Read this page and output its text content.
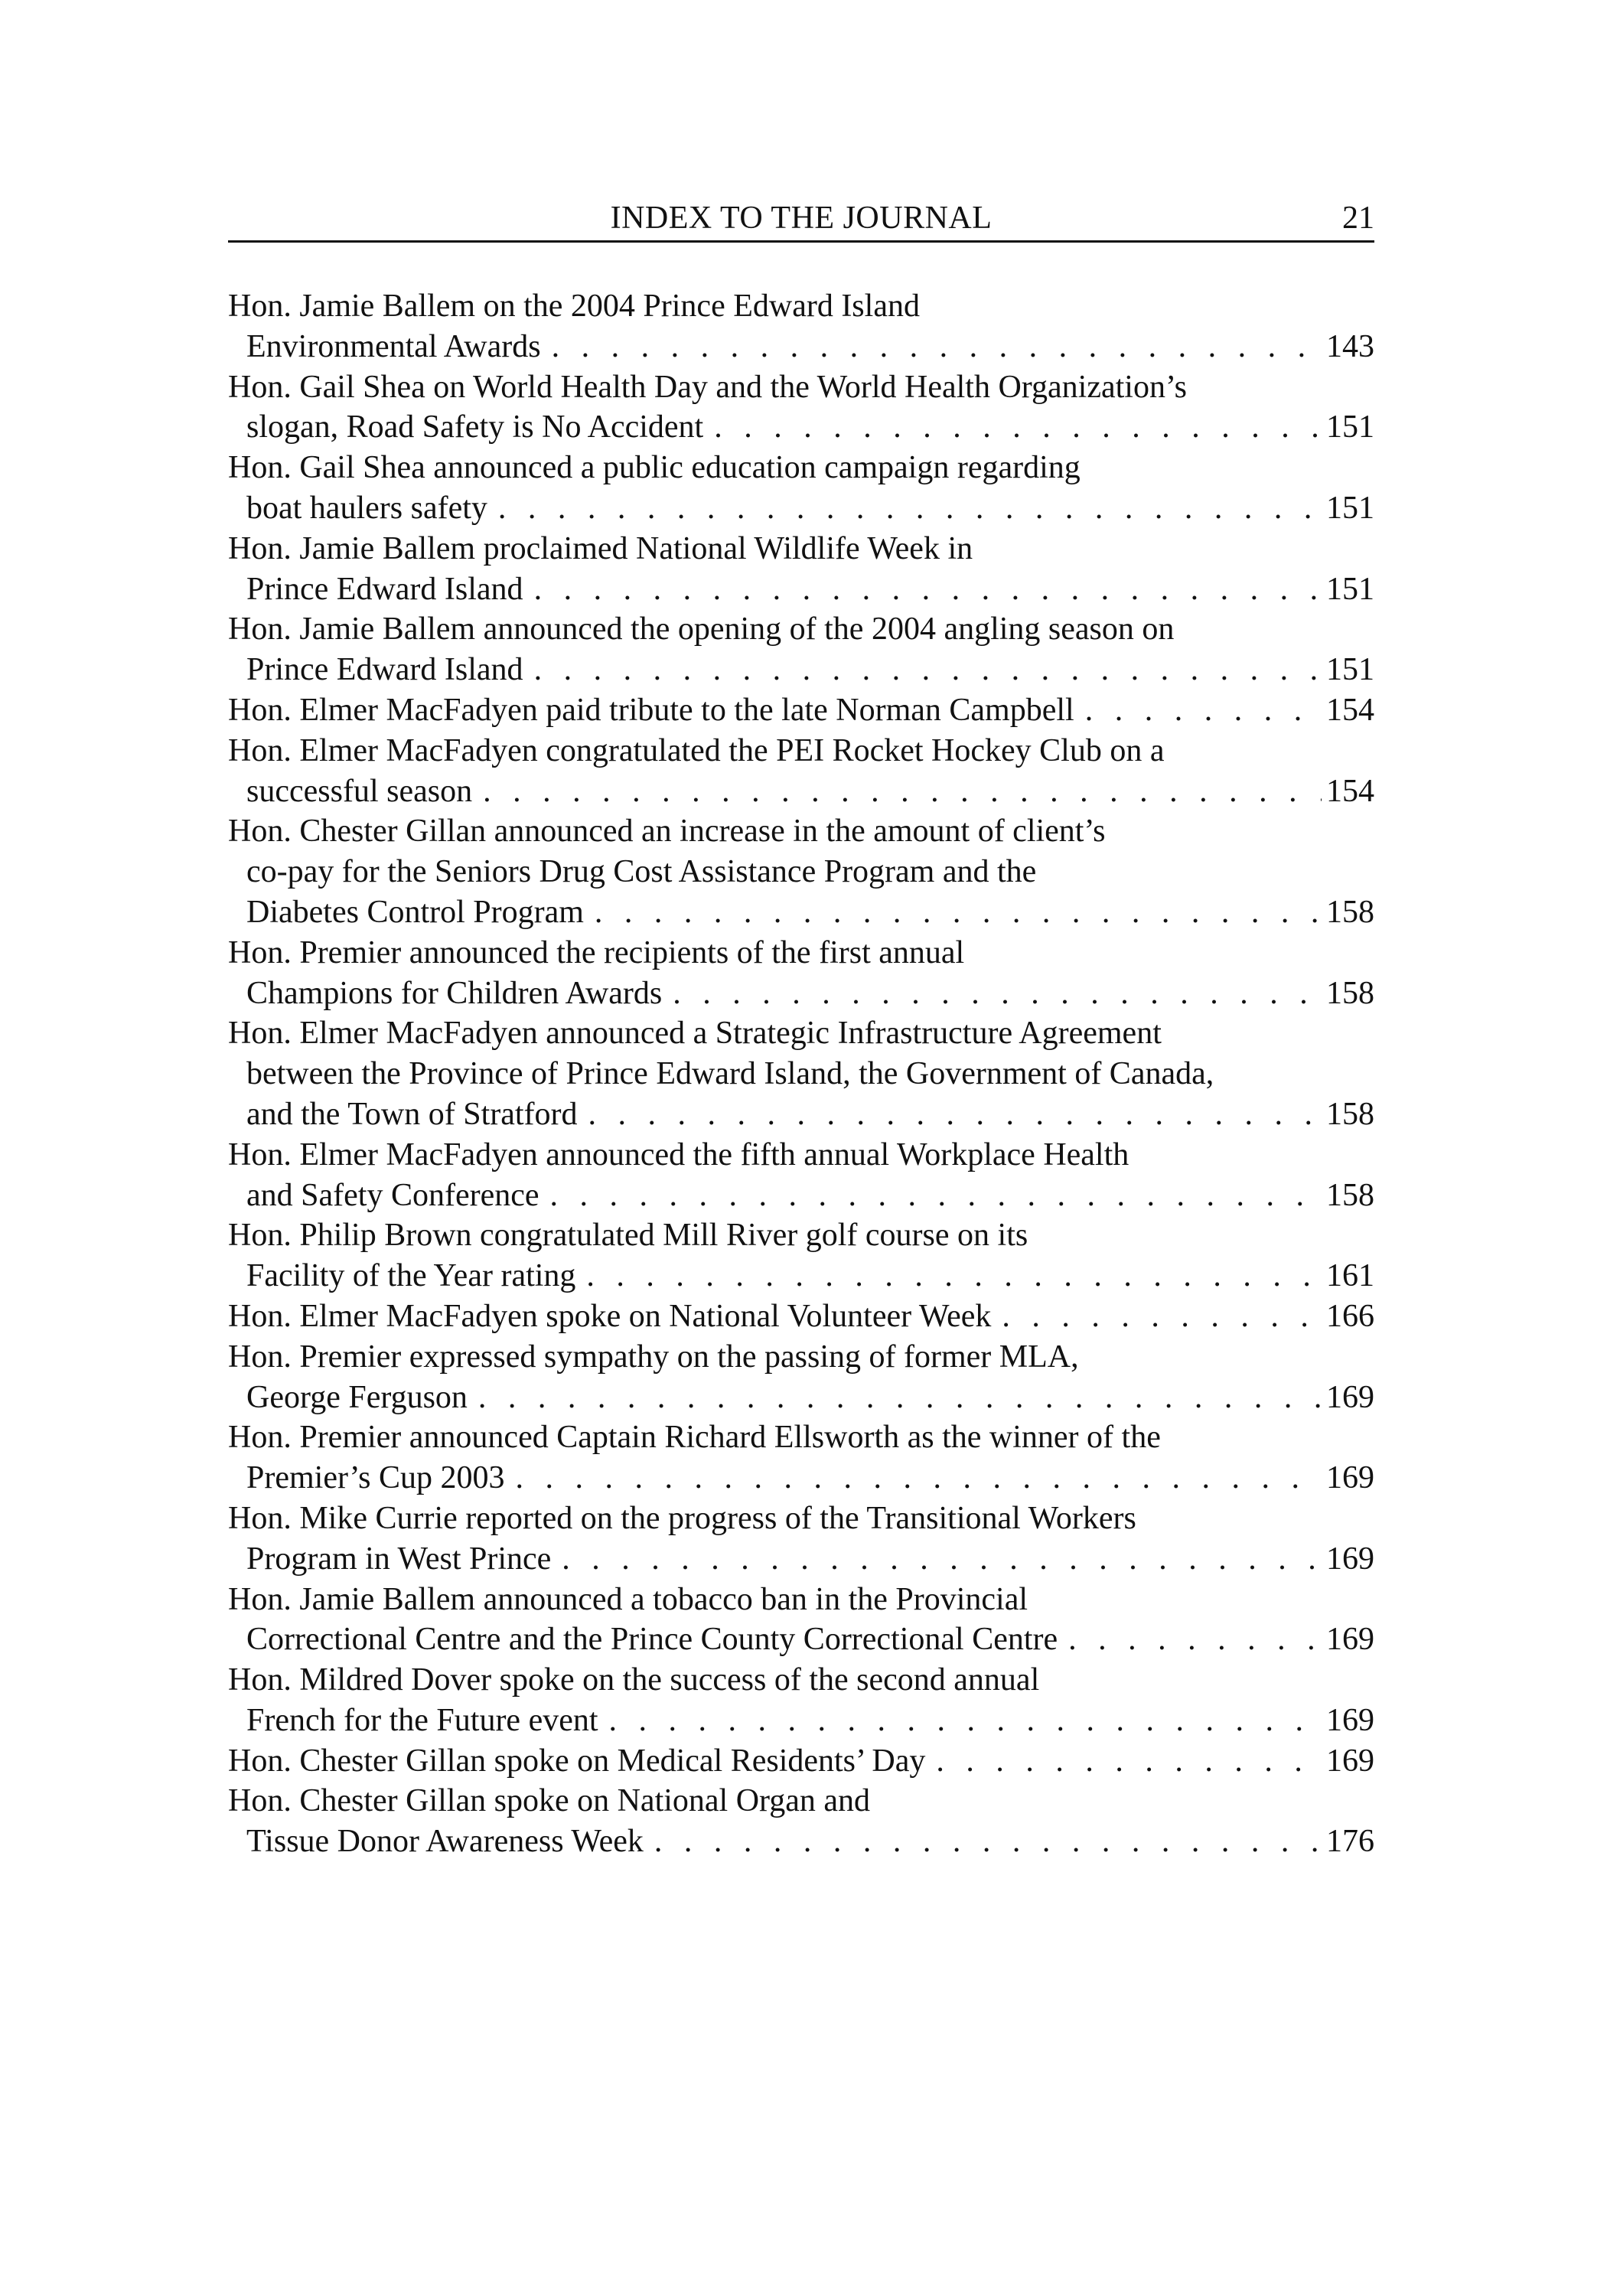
INDEX TO THE JOURNAL	21
Hon. Jamie Ballem on the 2004 Prince Edward Island
Environmental Awards . . .	143
Hon. Gail Shea on World Health Day and the World Health Organization’s
slogan, Road Safety is No Accident . . .	151
Hon. Gail Shea announced a public education campaign regarding
boat haulers safety . . .	151
Hon. Jamie Ballem proclaimed National Wildlife Week in
Prince Edward Island . . .	151
Hon. Jamie Ballem announced the opening of the 2004 angling season on
Prince Edward Island . . .	151
Hon. Elmer MacFadyen paid tribute to the late Norman Campbell . . .	154
Hon. Elmer MacFadyen congratulated the PEI Rocket Hockey Club on a
successful season . . .	154
Hon. Chester Gillan announced an increase in the amount of client’s
co-pay for the Seniors Drug Cost Assistance Program and the
Diabetes Control Program . . .	158
Hon. Premier announced the recipients of the first annual
Champions for Children Awards . . .	158
Hon. Elmer MacFadyen announced a Strategic Infrastructure Agreement
between the Province of Prince Edward Island, the Government of Canada,
and the Town of Stratford . . .	158
Hon. Elmer MacFadyen announced the fifth annual Workplace Health
and Safety Conference . . .	158
Hon. Philip Brown congratulated Mill River golf course on its
Facility of the Year rating . . .	161
Hon. Elmer MacFadyen spoke on National Volunteer Week . . .	166
Hon. Premier expressed sympathy on the passing of former MLA,
George Ferguson . . .	169
Hon. Premier announced Captain Richard Ellsworth as the winner of the
Premier’s Cup 2003 . . .	169
Hon. Mike Currie reported on the progress of the Transitional Workers
Program in West Prince . . .	169
Hon. Jamie Ballem announced a tobacco ban in the Provincial
Correctional Centre and the Prince County Correctional Centre . . .	169
Hon. Mildred Dover spoke on the success of the second annual
French for the Future event . . .	169
Hon. Chester Gillan spoke on Medical Residents’ Day . . .	169
Hon. Chester Gillan spoke on National Organ and
Tissue Donor Awareness Week . . .	176
